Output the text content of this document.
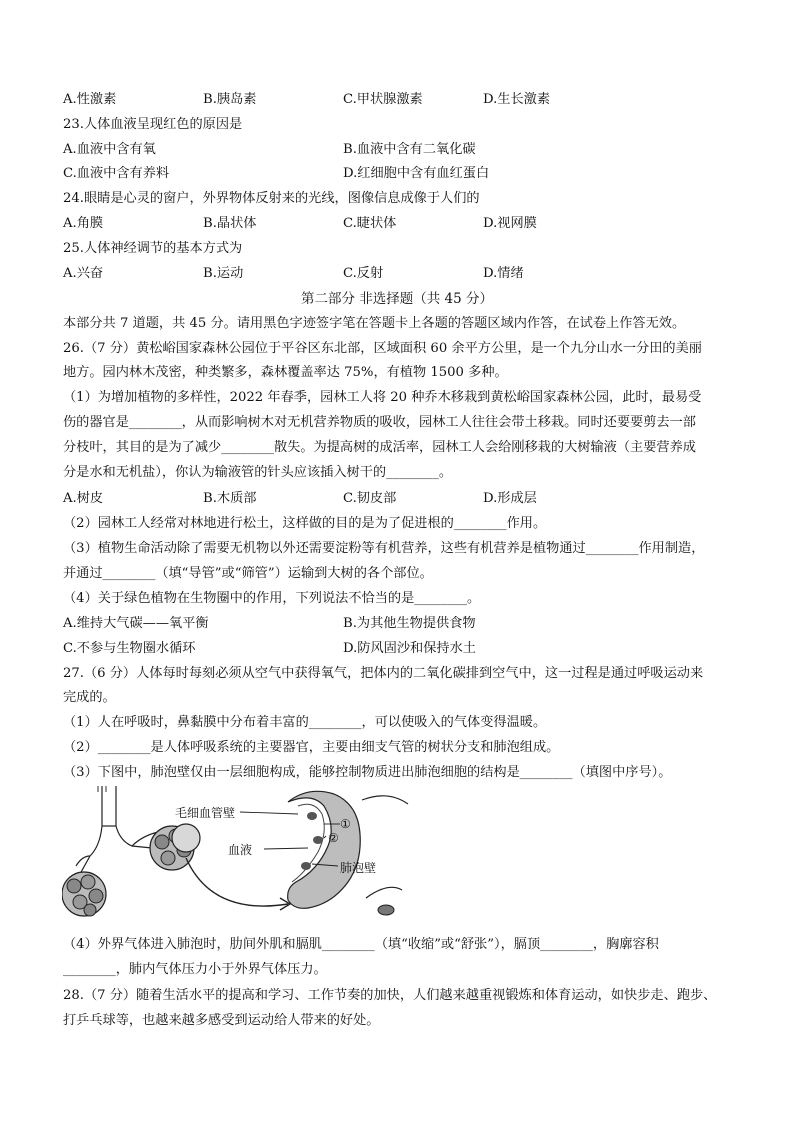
A.性激素	B.胰岛素	C.甲状腺激素	D.生长激素
23.人体血液呈现红色的原因是
A.血液中含有氧	B.血液中含有二氧化碳
C.血液中含有养料	D.红细胞中含有血红蛋白
24.眼睛是心灵的窗户，外界物体反射来的光线，图像信息成像于人们的
A.角膜	B.晶状体	C.睫状体	D.视网膜
25.人体神经调节的基本方式为
A.兴奋	B.运动	C.反射	D.情绪
第二部分 非选择题（共 45 分）
本部分共 7 道题，共 45 分。请用黑色字迹签字笔在答题卡上各题的答题区域内作答，在试卷上作答无效。
26.（7 分）黄松峪国家森林公园位于平谷区东北部，区域面积 60 余平方公里，是一个九分山水一分田的美丽
地方。园内林木茂密，种类繁多，森林覆盖率达 75%，有植物 1500 多种。
（1）为增加植物的多样性，2022 年春季，园林工人将 20 种乔木移栽到黄松峪国家森林公园，此时，最易受
伤的器官是________，从而影响树木对无机营养物质的吸收，园林工人往往会带土移栽。同时还要要剪去一部
分枝叶，其目的是为了减少________散失。为提高树的成活率，园林工人会给刚移栽的大树输液（主要营养成
分是水和无机盐），你认为输液管的针头应该插入树干的________。
A.树皮	B.木质部	C.韧皮部	D.形成层
（2）园林工人经常对林地进行松土，这样做的目的是为了促进根的________作用。
（3）植物生命活动除了需要无机物以外还需要淀粉等有机营养，这些有机营养是植物通过________作用制造，
并通过________（填“导管”或“筛管”）运输到大树的各个部位。
（4）关于绿色植物在生物圈中的作用，下列说法不恰当的是________。
A.维持大气碳——氧平衡	B.为其他生物提供食物
C.不参与生物圈水循环	D.防风固沙和保持水土
27.（6 分）人体每时每刻必须从空气中获得氧气，把体内的二氧化碳排到空气中，这一过程是通过呼吸运动来
完成的。
（1）人在呼吸时，鼻黏膜中分布着丰富的________，可以使吸入的气体变得温暖。
（2）________是人体呼吸系统的主要器官，主要由细支气管的树状分支和肺泡组成。
（3）下图中，肺泡壁仅由一层细胞构成，能够控制物质进出肺泡细胞的结构是________（填图中序号）。
毛细血管壁
血液
①
②
肺泡壁
（4）外界气体进入肺泡时，肋间外肌和膈肌________（填“收缩”或“舒张”），膈顶________，胸廓容积
________，肺内气体压力小于外界气体压力。
28.（7 分）随着生活水平的提高和学习、工作节奏的加快，人们越来越重视锻炼和体育运动，如快步走、跑步、
打乒乓球等，也越来越多感受到运动给人带来的好处。
